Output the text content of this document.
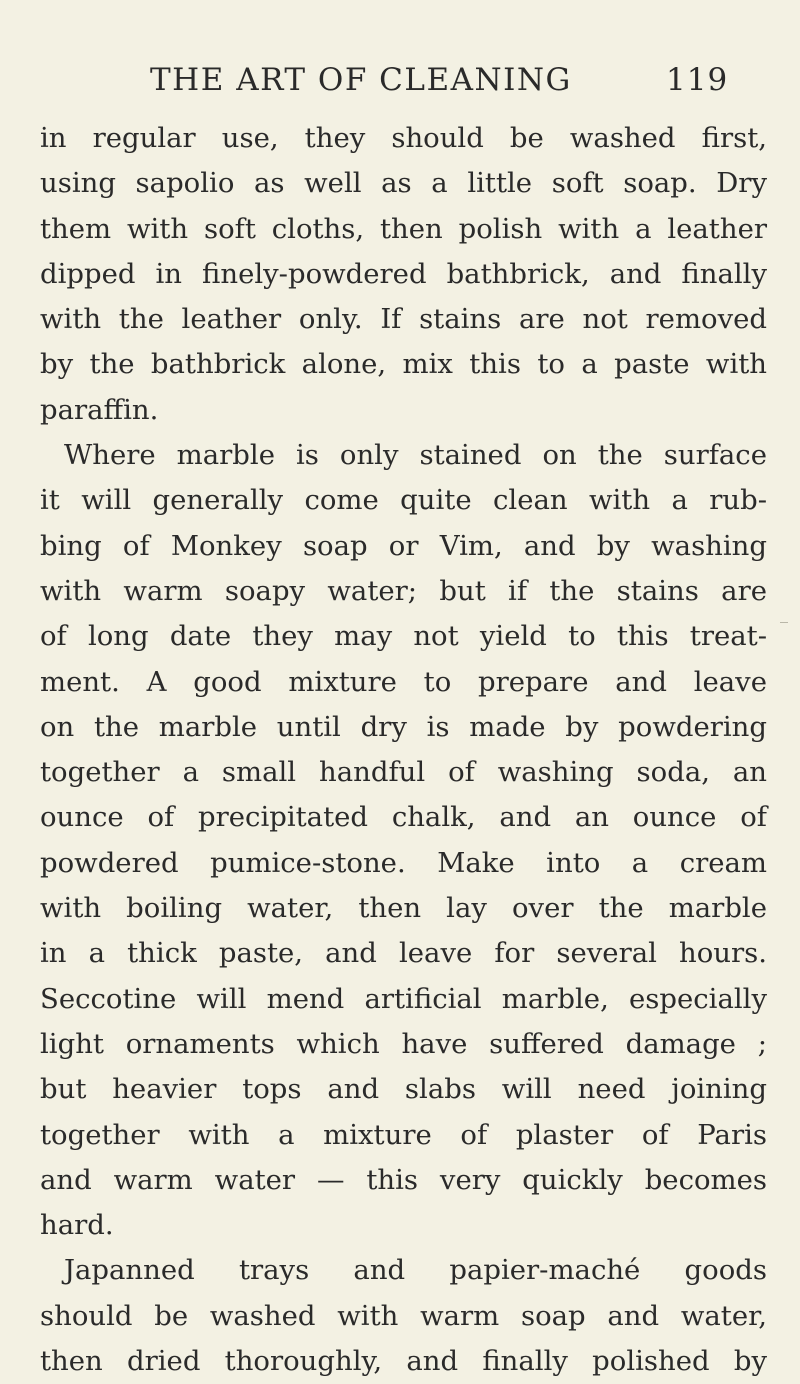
THE ART OF CLEANING	119
in regular use, they should be washed first,
using sapolio as well as a little soft soap. Dry
them with soft cloths, then polish with a leather
dipped in finely-powdered bathbrick, and finally
with the leather only. If stains are not removed
by the bathbrick alone, mix this to a paste with
paraffin.
Where marble is only stained on the surface
it will generally come quite clean with a rub-
bing of Monkey soap or Vim, and by washing
with warm soapy water; but if the stains are
of long date they may not yield to this treat-
ment. A good mixture to prepare and leave
on the marble until dry is made by powdering
together a small handful of washing soda, an
ounce of precipitated chalk, and an ounce of
powdered pumice-stone. Make into a cream
with boiling water, then lay over the marble
in a thick paste, and leave for several hours.
Seccotine will mend artificial marble, especially
light ornaments which have suffered damage ;
but heavier tops and slabs will need joining
together with a mixture of plaster of Paris
and warm water — this very quickly becomes
hard.
Japanned trays and papier-maché goods
should be washed with warm soap and water,
then dried thoroughly, and finally polished by
